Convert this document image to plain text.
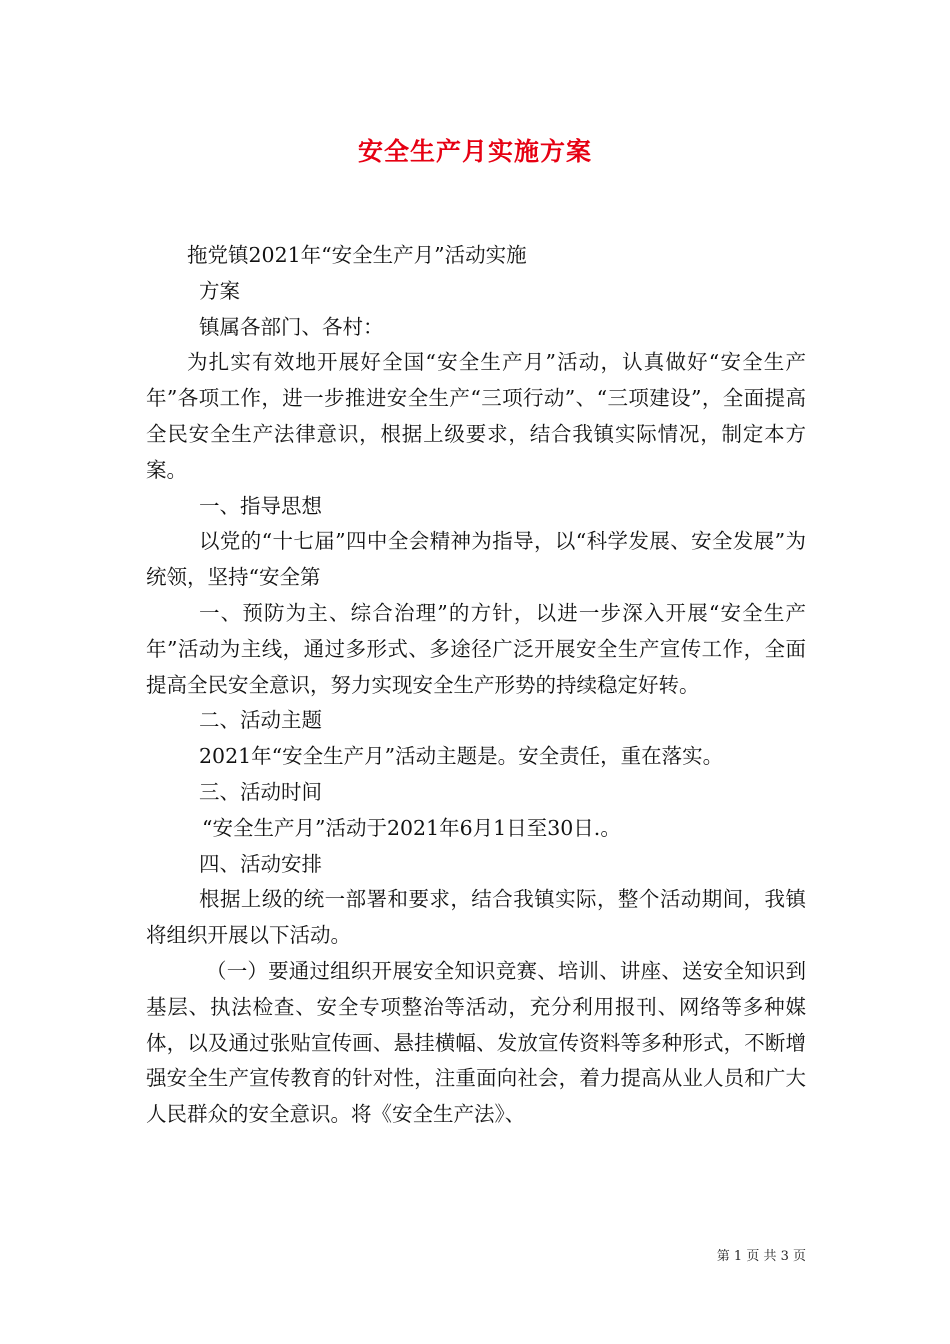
安全生产月实施方案

拖党镇2021年“安全生产月”活动实施

方案

镇属各部门、各村：

为扎实有效地开展好全国“安全生产月”活动，认真做好“安全生产年”各项工作，进一步推进安全生产“三项行动”、“三项建设”，全面提高全民安全生产法律意识，根据上级要求，结合我镇实际情况，制定本方案。

一、指导思想

以党的“十七届”四中全会精神为指导，以“科学发展、安全发展”为统领，坚持“安全第

一、预防为主、综合治理”的方针，以进一步深入开展“安全生产年”活动为主线，通过多形式、多途径广泛开展安全生产宣传工作，全面提高全民安全意识，努力实现安全生产形势的持续稳定好转。

二、活动主题

2021年“安全生产月”活动主题是。安全责任，重在落实。

三、活动时间

“安全生产月”活动于2021年6月1日至30日.。

四、活动安排

根据上级的统一部署和要求，结合我镇实际，整个活动期间，我镇将组织开展以下活动。

（一）要通过组织开展安全知识竞赛、培训、讲座、送安全知识到基层、执法检查、安全专项整治等活动，充分利用报刊、网络等多种媒体，以及通过张贴宣传画、悬挂横幅、发放宣传资料等多种形式，不断增强安全生产宣传教育的针对性，注重面向社会，着力提高从业人员和广大人民群众的安全意识。将《安全生产法》、

第 1 页 共 3 页
